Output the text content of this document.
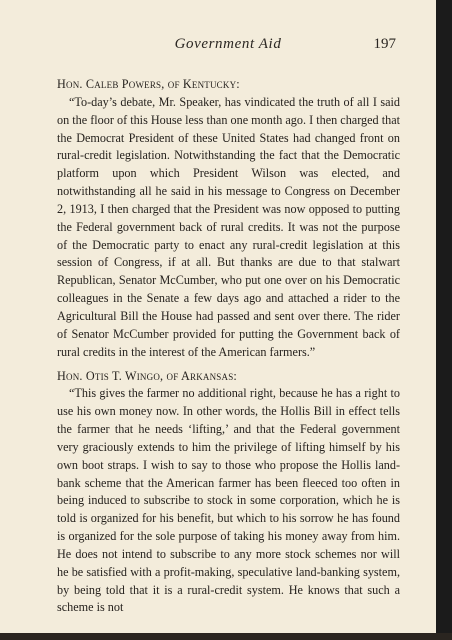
Government Aid	197

Hon. Caleb Powers, of Kentucky:

“To-day’s debate, Mr. Speaker, has vindicated the truth of all I said on the floor of this House less than one month ago. I then charged that the Democrat President of these United States had changed front on rural-credit legislation. Notwithstanding the fact that the Democratic platform upon which President Wilson was elected, and notwithstanding all he said in his message to Congress on December 2, 1913, I then charged that the President was now opposed to putting the Federal government back of rural credits. It was not the purpose of the Democratic party to enact any rural-credit legislation at this session of Congress, if at all. But thanks are due to that stalwart Republican, Senator McCumber, who put one over on his Democratic colleagues in the Senate a few days ago and attached a rider to the Agricultural Bill the House had passed and sent over there. The rider of Senator McCumber provided for putting the Government back of rural credits in the interest of the American farmers.”

Hon. Otis T. Wingo, of Arkansas:

“This gives the farmer no additional right, because he has a right to use his own money now. In other words, the Hollis Bill in effect tells the farmer that he needs ‘lifting,’ and that the Federal government very graciously extends to him the privilege of lifting himself by his own boot straps. I wish to say to those who propose the Hollis land-bank scheme that the American farmer has been fleeced too often in being induced to subscribe to stock in some corporation, which he is told is organized for his benefit, but which to his sorrow he has found is organized for the sole purpose of taking his money away from him. He does not intend to subscribe to any more stock schemes nor will he be satisfied with a profit-making, speculative land-banking system, by being told that it is a rural-credit system. He knows that such a scheme is not
